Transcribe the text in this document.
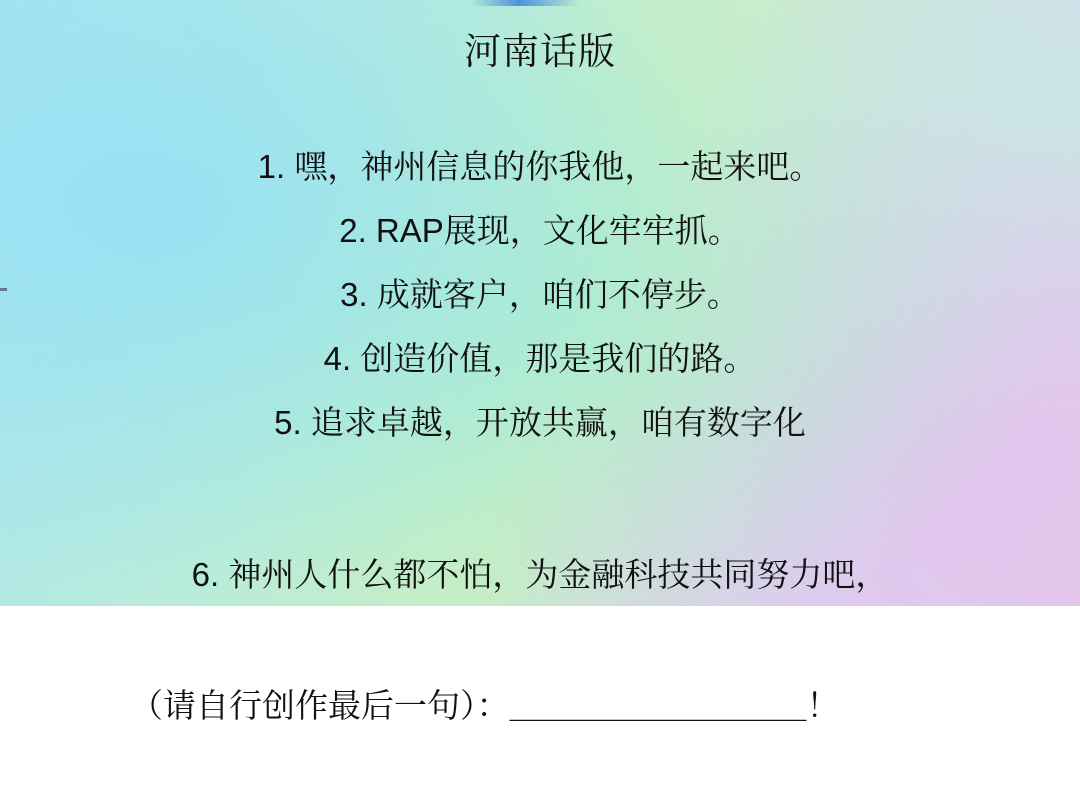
河南话版

1. 嘿，神州信息的你我他，一起来吧。

2. RAP展现，文化牢牢抓。

3. 成就客户，咱们不停步。

4. 创造价值，那是我们的路。

5. 追求卓越，开放共赢，咱有数字化

6. 神州人什么都不怕，为金融科技共同努力吧，

（请自行创作最后一句）：＿＿＿＿＿＿＿＿＿！
